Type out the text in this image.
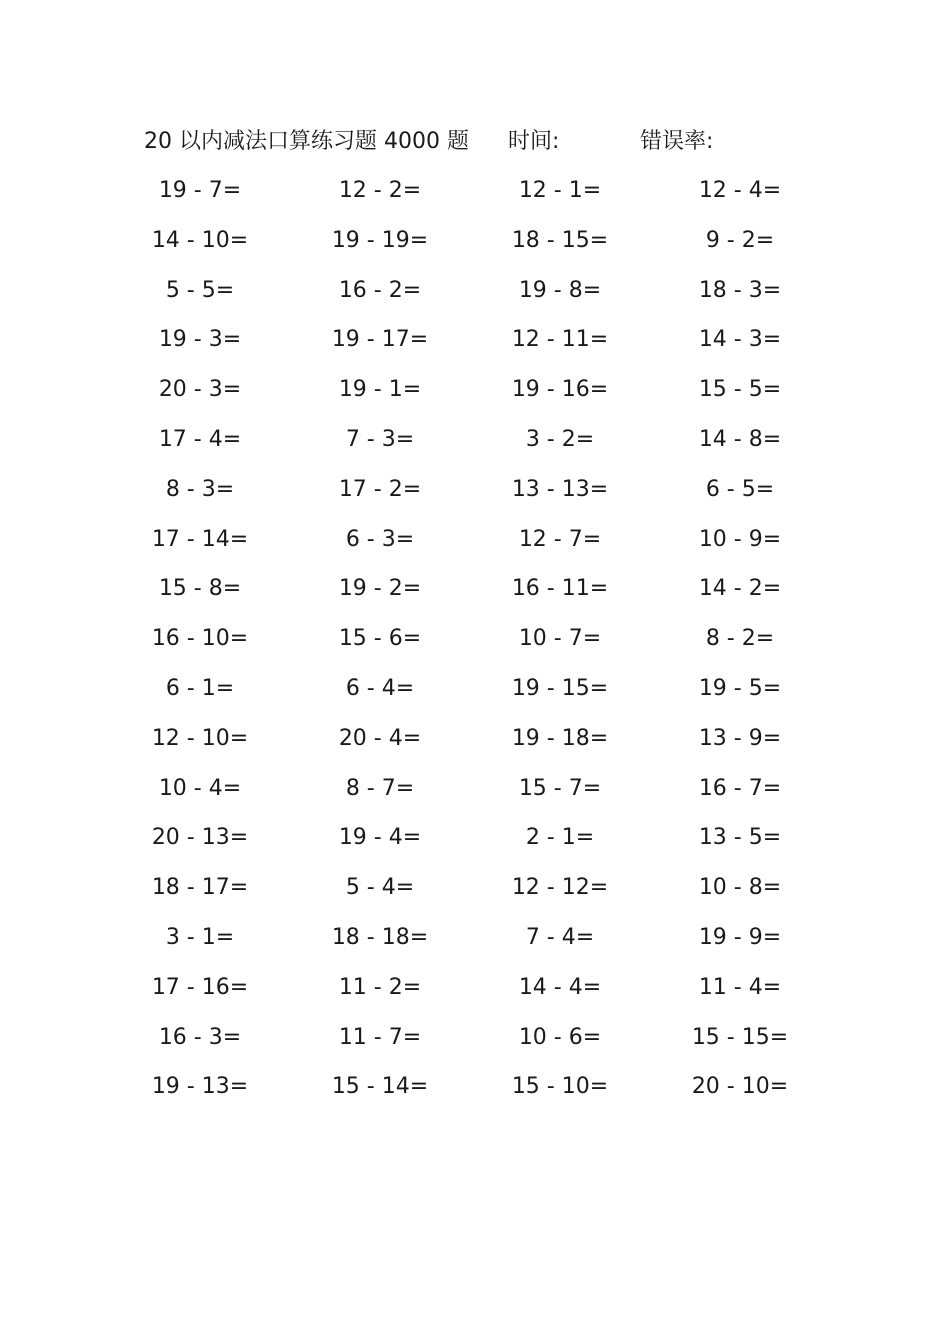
20 以内减法口算练习题 4000 题 时间:	错误率:
19 - 7=	12 - 2=	12 - 1=	12 - 4=
14 - 10=	19 - 19=	18 - 15=	9 - 2=
5 - 5=	16 - 2=	19 - 8=	18 - 3=
19 - 3=	19 - 17=	12 - 11=	14 - 3=
20 - 3=	19 - 1=	19 - 16=	15 - 5=
17 - 4=	7 - 3=	3 - 2=	14 - 8=
8 - 3=	17 - 2=	13 - 13=	6 - 5=
17 - 14=	6 - 3=	12 - 7=	10 - 9=
15 - 8=	19 - 2=	16 - 11=	14 - 2=
16 - 10=	15 - 6=	10 - 7=	8 - 2=
6 - 1=	6 - 4=	19 - 15=	19 - 5=
12 - 10=	20 - 4=	19 - 18=	13 - 9=
10 - 4=	8 - 7=	15 - 7=	16 - 7=
20 - 13=	19 - 4=	2 - 1=	13 - 5=
18 - 17=	5 - 4=	12 - 12=	10 - 8=
3 - 1=	18 - 18=	7 - 4=	19 - 9=
17 - 16=	11 - 2=	14 - 4=	11 - 4=
16 - 3=	11 - 7=	10 - 6=	15 - 15=
19 - 13=	15 - 14=	15 - 10=	20 - 10=
